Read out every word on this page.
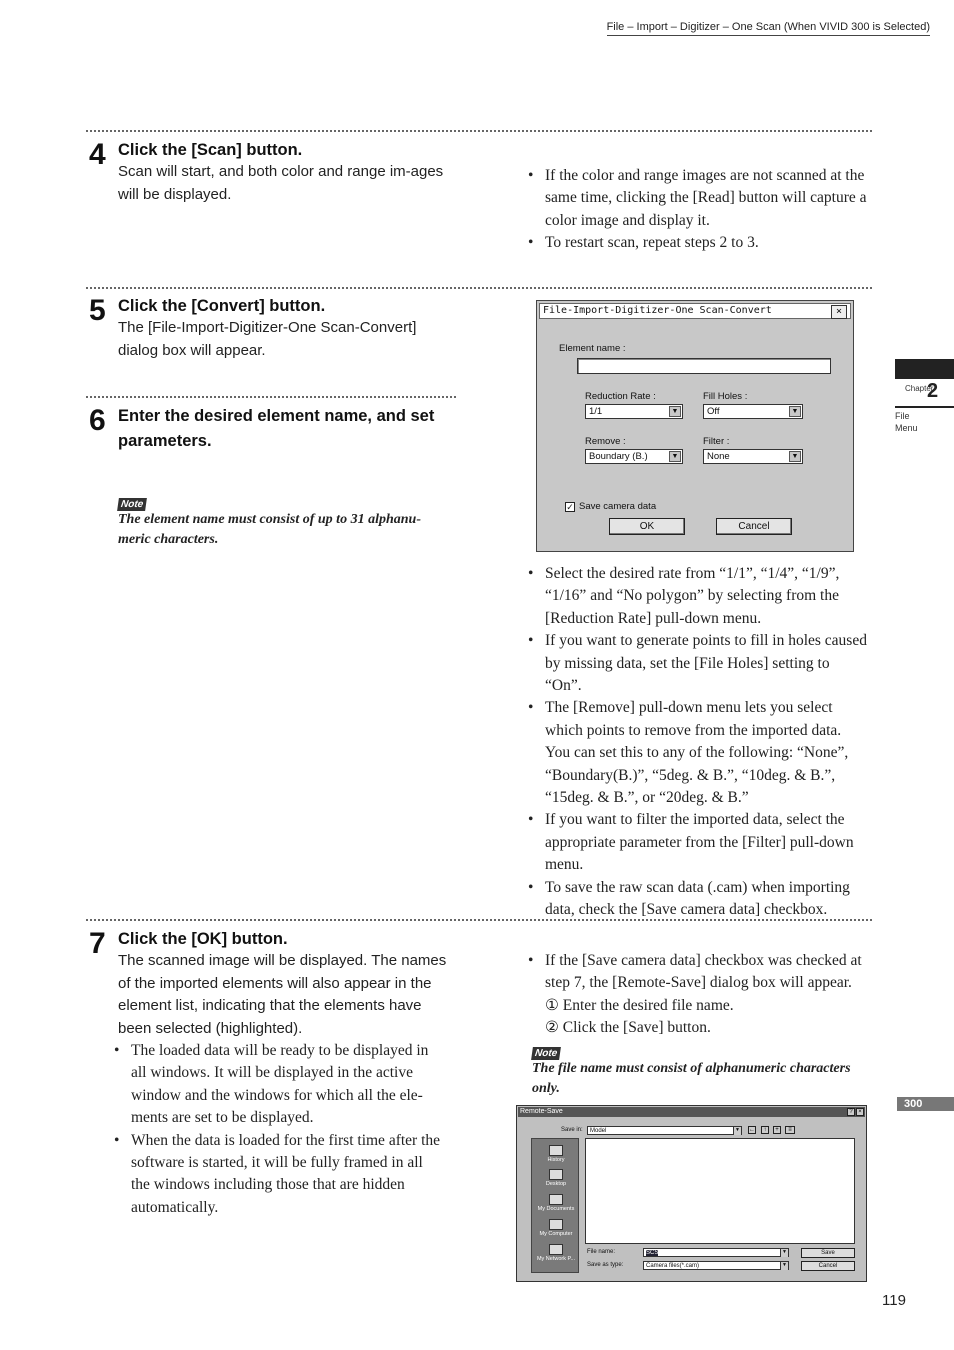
File – Import – Digitizer – One Scan (When VIVID 300 is Selected)
Chapter
2
File
Menu
300
4 Click the [Scan] button.
Scan will start, and both color and range im-ages will be displayed.
• If the color and range images are not scanned at the same time, clicking the [Read] button will capture a color image and display it.
• To restart scan, repeat steps 2 to 3.
5 Click the [Convert] button.
The [File-Import-Digitizer-One Scan-Convert] dialog box will appear.
6 Enter the desired element name, and set parameters.
Note
The element name must consist of up to 31 alphanu-meric characters.
File-Import-Digitizer-One Scan-Convert	×
Element name :
Reduction Rate :
1/1	▼
Fill Holes :
Off	▼
Remove :
Boundary (B.)	▼
Filter :
None	▼
✓ Save camera data
OK	Cancel
• Select the desired rate from “1/1”, “1/4”, “1/9”, “1/16” and “No polygon” by selecting from the [Reduction Rate] pull-down menu.
• If you want to generate points to fill in holes caused by missing data, set the [File Holes] setting to “On”.
• The [Remove] pull-down menu lets you select which points to remove from the imported data. You can set this to any of the following: “None”, “Boundary(B.)”, “5deg. & B.”, “10deg. & B.”, “15deg. & B.”, or “20deg. & B.”
• If you want to filter the imported data, select the appropriate parameter from the [Filter] pull-down menu.
• To save the raw scan data (.cam) when importing data, check the [Save camera data] checkbox.
7 Click the [OK] button.
The scanned image will be displayed. The names of the imported elements will also appear in the element list, indicating that the elements have been selected (highlighted).
• The loaded data will be ready to be displayed in all windows. It will be displayed in the active window and the windows for which all the ele-ments are set to be displayed.
• When the data is loaded for the first time after the software is started, it will be fully framed in all the windows including those that are hidden automatically.
• If the [Save camera data] checkbox was checked at step 7, the [Remote-Save] dialog box will appear.
① Enter the desired file name.
② Click the [Save] button.
Note
The file name must consist of alphanumeric characters only.
Remote-Save	? ×
Save in:	Model	▼ ←	↑	+	≡
History
Desktop
My Documents
My Computer
My Network P...
File name:	SCS	▼
Save as type:	Camera files(*.cam)	▼
Save
Cancel
119
